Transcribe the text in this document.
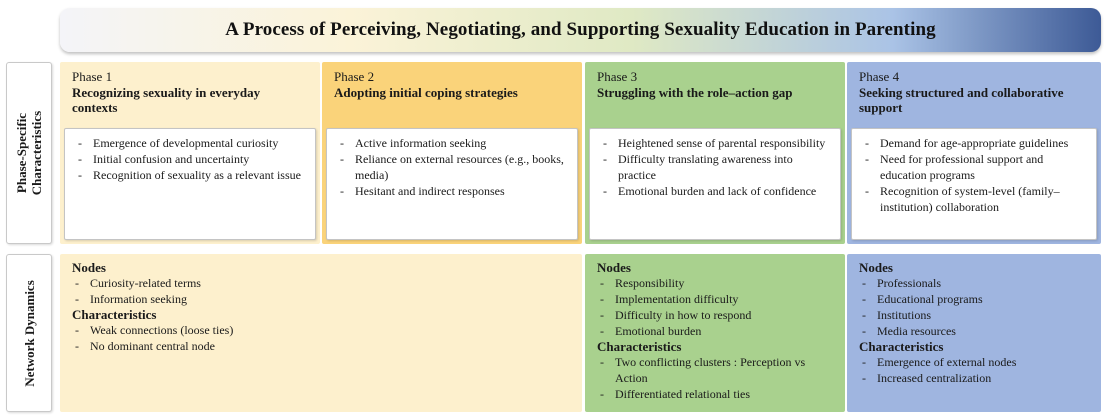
A Process of Perceiving, Negotiating, and Supporting Sexuality Education in Parenting
Phase-Specific
Characteristics
Network Dynamics
Phase 1
Recognizing sexuality in everyday contexts
- Emergence of developmental curiosity
- Initial confusion and uncertainty
- Recognition of sexuality as a relevant issue
Phase 2
Adopting initial coping strategies
- Active information seeking
- Reliance on external resources (e.g., books, media)
- Hesitant and indirect responses
Phase 3
Struggling with the role–action gap
- Heightened sense of parental responsibility
- Difficulty translating awareness into practice
- Emotional burden and lack of confidence
Phase 4
Seeking structured and collaborative support
- Demand for age-appropriate guidelines
- Need for professional support and education programs
- Recognition of system-level (family–institution) collaboration
Nodes
- Curiosity-related terms
- Information seeking
Characteristics
- Weak connections (loose ties)
- No dominant central node
Nodes
- Responsibility
- Implementation difficulty
- Difficulty in how to respond
- Emotional burden
Characteristics
- Two conflicting clusters : Perception vs Action
- Differentiated relational ties
Nodes
- Professionals
- Educational programs
- Institutions
- Media resources
Characteristics
- Emergence of external nodes
- Increased centralization
